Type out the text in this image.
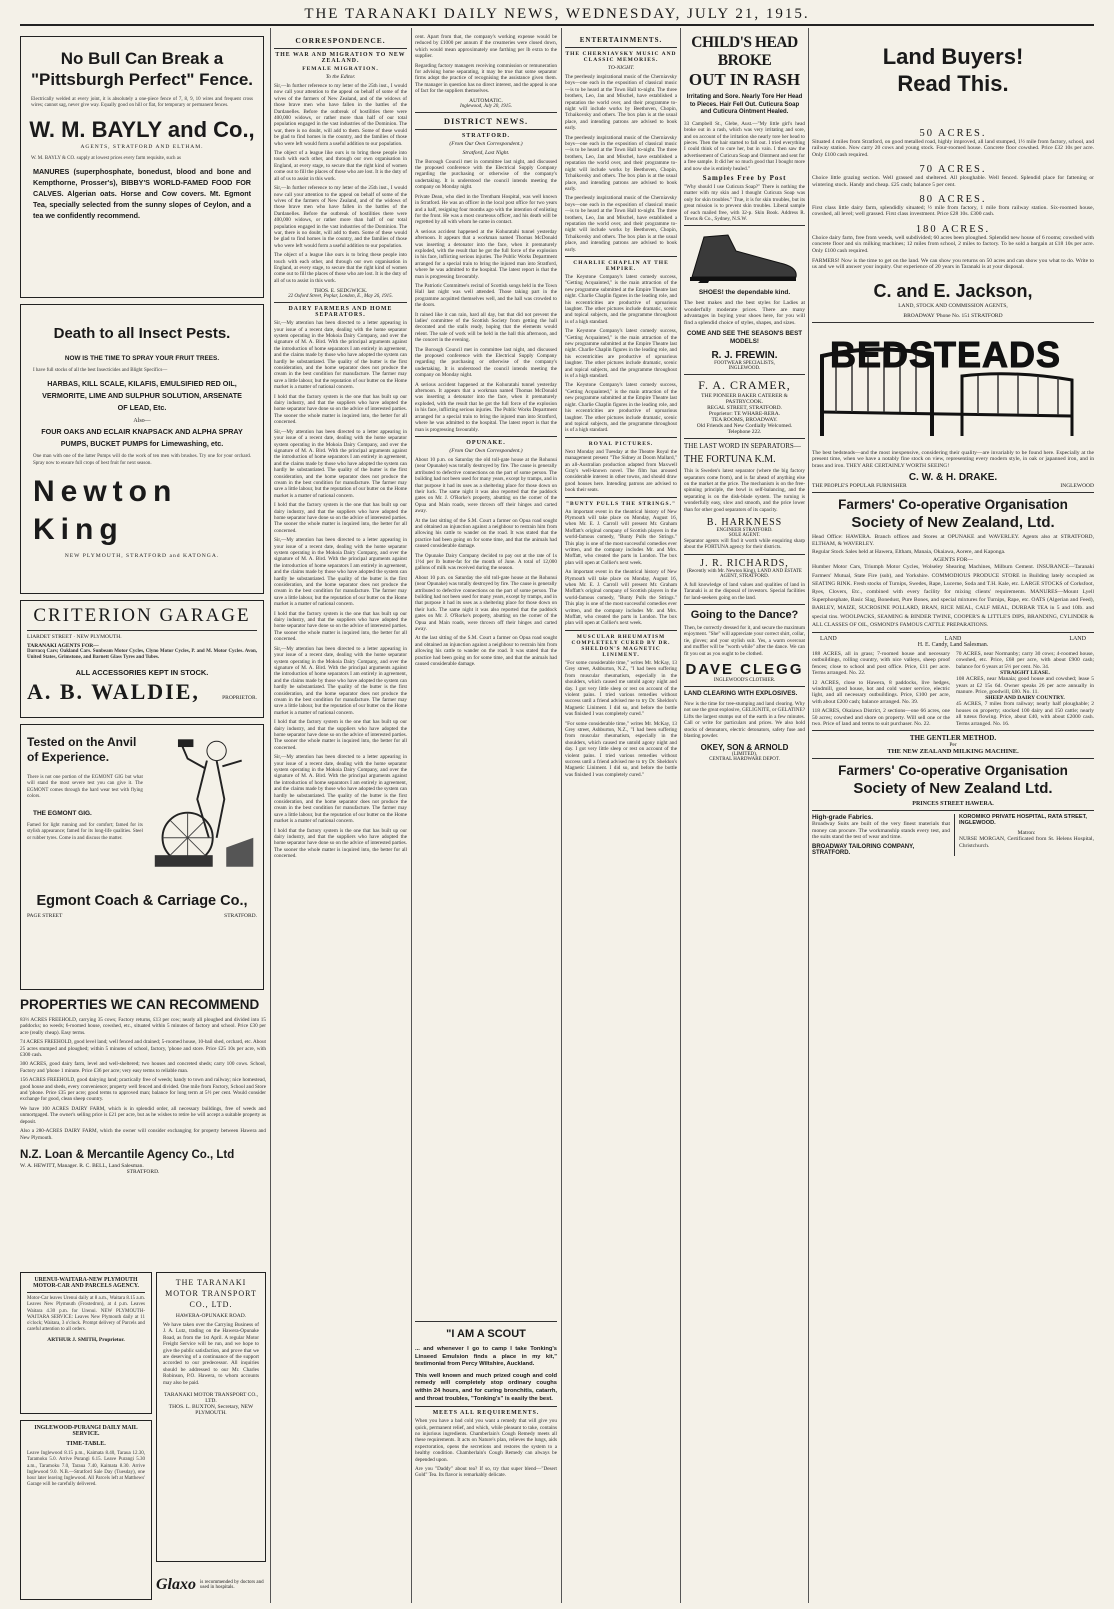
THE TARANAKI DAILY NEWS, WEDNESDAY, JULY 21, 1915.
No Bull Can Break a
"Pittsburgh Perfect" Fence.
Electrically welded at every joint, it is absolutely a one-piece fence of 7, 8, 9, 10 wires and frequent cross wires; cannot sag, never give way. Equally good on hill or flat, for temporary or permanent fences.
W. M. BAYLY and Co.,
AGENTS, STRATFORD AND ELTHAM.
W. M. BAYLY & CO. supply at lowest prices every farm requisite, such as
MANURES (superphosphate, bonedust, blood and bone and Kempthorne, Prosser's), BIBBY'S WORLD-FAMED FOOD FOR CALVES. Algerian oats. Horse and Cow covers. Mt. Egmont Tea, specially selected from the sunny slopes of Ceylon, and a tea we confidently recommend.
Death to all Insect Pests.
NOW IS THE TIME TO SPRAY YOUR FRUIT TREES.
I have full stocks of all the best Insecticides and Blight Specifics—
HARBAS, KILL SCALE, KILAFIS, EMULSIFIED RED OIL, VERMORITE, LIME AND SULPHUR SOLUTION, ARSENATE OF LEAD, Etc.
Also—
FOUR OAKS AND ECLAIR KNAPSACK AND ALPHA SPRAY PUMPS, BUCKET PUMPS for Limewashing, etc.
One man with one of the latter Pumps will do the work of ten men with brushes. Try one for your orchard. Spray now to ensure full crops of best fruit for next season.
Newton King
NEW PLYMOUTH, STRATFORD and KATONGA.
CRITERION GARAGE
LIARDET STREET · NEW PLYMOUTH.
TARANAKI AGENTS FOR—
Darracq Cars; Oakland Cars. Sunbeam Motor Cycles, Clyno Motor Cycles, P. and M. Motor Cycles. Avon, United States, Grimstone, and Barnett Glass Tyres and Tubes.
ALL ACCESSORIES KEPT IN STOCK.
A. B. WALDIE,	PROPRIETOR.
Tested on the Anvil
of Experience.
There is not one portion of the EGMONT GIG but what will stand the most severe test you can give it. The EGMONT comes through the hard wear test with flying colors.
THE EGMONT GIG.
Famed for light running and for comfort; famed for its stylish appearance; famed for its long-life qualities. Steel or rubber tyres. Come in and discuss the matter.
Egmont Coach & Carriage Co.,
PAGE STREET	STRATFORD.
PROPERTIES WE CAN RECOMMEND
83½ ACRES FREEHOLD, carrying 35 cows; Factory returns, £13 per cow; nearly all ploughed and divided into 15 paddocks; no weeds; 6-roomed house, cowshed, etc., situated within 5 minutes of factory and school. Price £30 per acre (really cheap). Easy terms.
74 ACRES FREEHOLD, good level land; well fenced and drained; 5-roomed house, 10-bail shed, orchard, etc. About 25 acres stumped and ploughed; within 5 minutes of school, factory, 'phone and store. Price £25 10s per acre, with £300 cash.
300 ACRES, good dairy farm, level and well-sheltered; two houses and concreted sheds; carry 100 cows. School, Factory and 'phone 1 minute. Price £36 per acre; very easy terms to reliable man.
156 ACRES FREEHOLD, good dairying land; practically free of weeds; handy to town and railway; nice homestead, good house and sheds, every convenience; property well fenced and divided. One mile from Factory, School and Store and 'phone. Price £35 per acre; good terms to approved man; balance for long term at 5½ per cent. Would consider exchange for good, clean sheep country.
We have 100 ACRES DAIRY FARM, which is in splendid order, all necessary buildings, free of weeds and unmortgaged. The owner's selling price is £21 per acre, but as he wishes to retire he will accept a suitable property as deposit.
Also a 280-ACRES DAIRY FARM, which the owner will consider exchanging for property between Hawera and New Plymouth.
N.Z. Loan & Mercantile Agency Co., Ltd
W. A. HEWITT, Manager. R. C. BELL, Land Salesman.
STRATFORD.
URENUI-WAITARA-NEW PLYMOUTH MOTOR-CAR AND PARCELS AGENCY.
Motor-Car leaves Urenui daily at 8 a.m., Waitara 8.15 a.m. Leaves New Plymouth (Frostedron), at 4 p.m. Leaves Waitara 4.30 p.m. for Urenui. NEW PLYMOUTH-WAITARA SERVICE: Leaves New Plymouth daily at 11 o'clock; Waitara, 3 o'clock. Prompt delivery of Parcels and careful attention to all orders.
ARTHUR J. SMITH, Proprietor.
INGLEWOOD-PURANGI DAILY MAIL SERVICE.
TIME-TABLE.
Leave Inglewood 8.15 p.m., Kaimata 8.40, Taraua 12.30, Taramoku 5.0. Arrive Purangi 6.15. Leave Purangi 5.30 a.m., Taramoku 7.0, Taraua 7.40, Kaimata 8.30. Arrive Inglewood 9.0. N.B.—Stratford Sale Day (Tuesday), one hour later leaving Inglewood. All Parcels left at Matthews' Garage will be carefully delivered.
THE TARANAKI MOTOR TRANSPORT CO., LTD.
HAWERA-OPUNAKE ROAD.
We have taken over the Carrying Business of J. A. Lutz, trading on the Hawera-Opunake Road, as from the 1st April. A regular Motor Freight Service will be run, and we hope to give the public satisfaction, and prove that we are deserving of a continuance of the support accorded to our predecessor. All inquiries should be addressed to our Mr. Charles Robinson, P.O. Hawera, to whom accounts may also be paid.
TARANAKI MOTOR TRANSPORT CO., LTD.
THOS. L. BUXTON, Secretary, NEW PLYMOUTH.
Glaxo is recommended by doctors and used in hospitals.
CORRESPONDENCE.
THE WAR AND MIGRATION TO NEW ZEALAND.
FEMALE MIGRATION.
To the Editor.
Sir,—In further reference to my letter of the 25th inst., I would now call your attention to the appeal on behalf of some of the wives of the farmers of New Zealand, and of the widows of those brave men who have fallen in the battles of the Dardanelles. Before the outbreak of hostilities there were 400,000 widows, or rather more than half of our total population engaged in the vast industries of the Dominion. The war, there is no doubt, will add to them. Some of these would be glad to find homes in the country, and the families of those who were left would form a useful addition to our population.
The object of a league like ours is to bring these people into touch with each other, and through our own organisation in England, at every stage, to secure that the right kind of women come out to fill the places of those who are lost. It is the duty of all of us to assist in this work.
Sir,—In further reference to my letter of the 25th inst., I would now call your attention to the appeal on behalf of some of the wives of the farmers of New Zealand, and of the widows of those brave men who have fallen in the battles of the Dardanelles. Before the outbreak of hostilities there were 400,000 widows, or rather more than half of our total population engaged in the vast industries of the Dominion. The war, there is no doubt, will add to them. Some of these would be glad to find homes in the country, and the families of those who were left would form a useful addition to our population.
The object of a league like ours is to bring these people into touch with each other, and through our own organisation in England, at every stage, to secure that the right kind of women come out to fill the places of those who are lost. It is the duty of all of us to assist in this work.
THOS. E. SEDGWICK.
22 Oxford Street, Poplar, London, E., May 26, 1915.
DAIRY FARMERS AND HOME SEPARATORS.
Sir,—My attention has been directed to a letter appearing in your issue of a recent date, dealing with the home separator system operating in the Mokoia Dairy Company, and over the signature of M. A. Bird. With the principal arguments against the introduction of home separators I am entirely in agreement, and the claims made by those who have adopted the system can hardly be substantiated. The quality of the butter is the first consideration, and the home separator does not produce the cream in the best condition for manufacture. The farmer may save a little labour, but the reputation of our butter on the Home market is a matter of national concern.
I hold that the factory system is the one that has built up our dairy industry, and that the suppliers who have adopted the home separator have done so on the advice of interested parties. The sooner the whole matter is inquired into, the better for all concerned.
Sir,—My attention has been directed to a letter appearing in your issue of a recent date, dealing with the home separator system operating in the Mokoia Dairy Company, and over the signature of M. A. Bird. With the principal arguments against the introduction of home separators I am entirely in agreement, and the claims made by those who have adopted the system can hardly be substantiated. The quality of the butter is the first consideration, and the home separator does not produce the cream in the best condition for manufacture. The farmer may save a little labour, but the reputation of our butter on the Home market is a matter of national concern.
I hold that the factory system is the one that has built up our dairy industry, and that the suppliers who have adopted the home separator have done so on the advice of interested parties. The sooner the whole matter is inquired into, the better for all concerned.
Sir,—My attention has been directed to a letter appearing in your issue of a recent date, dealing with the home separator system operating in the Mokoia Dairy Company, and over the signature of M. A. Bird. With the principal arguments against the introduction of home separators I am entirely in agreement, and the claims made by those who have adopted the system can hardly be substantiated. The quality of the butter is the first consideration, and the home separator does not produce the cream in the best condition for manufacture. The farmer may save a little labour, but the reputation of our butter on the Home market is a matter of national concern.
I hold that the factory system is the one that has built up our dairy industry, and that the suppliers who have adopted the home separator have done so on the advice of interested parties. The sooner the whole matter is inquired into, the better for all concerned.
Sir,—My attention has been directed to a letter appearing in your issue of a recent date, dealing with the home separator system operating in the Mokoia Dairy Company, and over the signature of M. A. Bird. With the principal arguments against the introduction of home separators I am entirely in agreement, and the claims made by those who have adopted the system can hardly be substantiated. The quality of the butter is the first consideration, and the home separator does not produce the cream in the best condition for manufacture. The farmer may save a little labour, but the reputation of our butter on the Home market is a matter of national concern.
I hold that the factory system is the one that has built up our dairy industry, and that the suppliers who have adopted the home separator have done so on the advice of interested parties. The sooner the whole matter is inquired into, the better for all concerned.
Sir,—My attention has been directed to a letter appearing in your issue of a recent date, dealing with the home separator system operating in the Mokoia Dairy Company, and over the signature of M. A. Bird. With the principal arguments against the introduction of home separators I am entirely in agreement, and the claims made by those who have adopted the system can hardly be substantiated. The quality of the butter is the first consideration, and the home separator does not produce the cream in the best condition for manufacture. The farmer may save a little labour, but the reputation of our butter on the Home market is a matter of national concern.
I hold that the factory system is the one that has built up our dairy industry, and that the suppliers who have adopted the home separator have done so on the advice of interested parties. The sooner the whole matter is inquired into, the better for all concerned.
cent. Apart from that, the company's working expense would be reduced by £1000 per annum if the creameries were closed down, which would mean approximately one farthing per lb extra to the supplier.
Regarding factory managers receiving commission or remuneration for advising home separating, it may be true that some separator firms adopt the practice of recognising the assistance given them. The manager in question has no direct interest, and the appeal is one of fact for the suppliers themselves.
AUTOMATIC.
Inglewood, July 20, 1915.
DISTRICT NEWS.
STRATFORD.
(From Our Own Correspondent.)
Stratford, Last Night.
The Borough Council met in committee last night, and discussed the proposed conference with the Electrical Supply Company regarding the purchasing or otherwise of the company's undertaking. It is understood the council intends meeting the company on Monday night.
Private Dean, who died in the Trentham Hospital, was well known in Stratford. He was an officer in the local post office for two years and a half, resigning four months ago with the intention of enlisting for the front. He was a most courteous officer, and his death will be regretted by all with whom he came in contact.
A serious accident happened at the Kohuratahi tunnel yesterday afternoon. It appears that a workman named Thomas McDonald was inserting a detonator into the face, when it prematurely exploded, with the result that he got the full force of the explosion in his face, inflicting serious injuries. The Public Works Department arranged for a special train to bring the injured man into Stratford, where he was admitted to the hospital. The latest report is that the man is progressing favourably.
The Patriotic Committee's recital of Scottish songs held in the Town Hall last night was well attended. Those taking part in the programme acquitted themselves well, and the hall was crowded to the doors.
It rained like it can rain, hard all day, but that did not prevent the ladies' committee of the Scottish Society from getting the hall decorated and the stalls ready, hoping that the elements would relent. The sale of work will be held in the hall this afternoon, and the concert in the evening.
The Borough Council met in committee last night, and discussed the proposed conference with the Electrical Supply Company regarding the purchasing or otherwise of the company's undertaking. It is understood the council intends meeting the company on Monday night.
A serious accident happened at the Kohuratahi tunnel yesterday afternoon. It appears that a workman named Thomas McDonald was inserting a detonator into the face, when it prematurely exploded, with the result that he got the full force of the explosion in his face, inflicting serious injuries. The Public Works Department arranged for a special train to bring the injured man into Stratford, where he was admitted to the hospital. The latest report is that the man is progressing favourably.
OPUNAKE.
(From Our Own Correspondent.)
About 10 p.m. on Saturday the old toll-gate house at the Rohunui (near Opunake) was totally destroyed by fire. The cause is generally attributed to defective connections on the part of some person. The building had not been used for many years, except by tramps, and in that purpose it had its uses as a sheltering place for those down on their luck. The same night it was also reported that the paddock gates on Mr. J. O'Rorke's property, abutting on the corner of the Opua and Main roads, were thrown off their hinges and carted away.
At the last sitting of the S.M. Court a farmer on Opua road sought and obtained an injunction against a neighbour to restrain him from allowing his cattle to wander on the road. It was stated that the practice had been going on for some time, and that the animals had caused considerable damage.
The Opunake Dairy Company decided to pay out at the rate of 1s 1½d per lb butter-fat for the month of June. A total of 12,000 gallons of milk was received during the season.
About 10 p.m. on Saturday the old toll-gate house at the Rohunui (near Opunake) was totally destroyed by fire. The cause is generally attributed to defective connections on the part of some person. The building had not been used for many years, except by tramps, and in that purpose it had its uses as a sheltering place for those down on their luck. The same night it was also reported that the paddock gates on Mr. J. O'Rorke's property, abutting on the corner of the Opua and Main roads, were thrown off their hinges and carted away.
At the last sitting of the S.M. Court a farmer on Opua road sought and obtained an injunction against a neighbour to restrain him from allowing his cattle to wander on the road. It was stated that the practice had been going on for some time, and that the animals had caused considerable damage.
"I AM A SCOUT
... and whenever I go to camp I take Tonking's Linseed Emulsion finds a place in my kit," testimonial from Percy Wiltshire, Auckland.
This well known and much prized cough and cold remedy will completely stop ordinary coughs within 24 hours, and for curing bronchitis, catarrh, and throat troubles, "Tonking's" is easily the best.
MEETS ALL REQUIREMENTS.
When you have a bad cold you want a remedy that will give you quick, permanent relief, and which, while pleasant to take, contains no injurious ingredients. Chamberlain's Cough Remedy meets all these requirements. It acts on Nature's plan, relieves the lungs, aids expectoration, opens the secretions and restores the system to a healthy condition. Chamberlain's Cough Remedy can always be depended upon.
Are you "Daddy" about tea? If so, try that super blend—"Desert Gold" Tea. Its flavor is remarkably delicate.
ENTERTAINMENTS.
THE CHERNIAVSKY MUSIC AND CLASSIC MEMORIES.
TO-NIGHT.
The peerlessly inspirational music of the Cherniavsky boys—one each in the exposition of classical music—is to be heard at the Town Hall to-night. The three brothers, Leo, Jan and Mischel, have established a reputation the world over, and their programme to-night will include works by Beethoven, Chopin, Tchaikovsky and others. The box plan is at the usual place, and intending patrons are advised to book early.
The peerlessly inspirational music of the Cherniavsky boys—one each in the exposition of classical music—is to be heard at the Town Hall to-night. The three brothers, Leo, Jan and Mischel, have established a reputation the world over, and their programme to-night will include works by Beethoven, Chopin, Tchaikovsky and others. The box plan is at the usual place, and intending patrons are advised to book early.
The peerlessly inspirational music of the Cherniavsky boys—one each in the exposition of classical music—is to be heard at the Town Hall to-night. The three brothers, Leo, Jan and Mischel, have established a reputation the world over, and their programme to-night will include works by Beethoven, Chopin, Tchaikovsky and others. The box plan is at the usual place, and intending patrons are advised to book early.
CHARLIE CHAPLIN AT THE EMPIRE.
The Keystone Company's latest comedy success, "Getting Acquainted," is the main attraction of the new programme submitted at the Empire Theatre last night. Charlie Chaplin figures in the leading role, and his eccentricities are productive of uproarious laughter. The other pictures include dramatic, scenic and topical subjects, and the programme throughout is of a high standard.
The Keystone Company's latest comedy success, "Getting Acquainted," is the main attraction of the new programme submitted at the Empire Theatre last night. Charlie Chaplin figures in the leading role, and his eccentricities are productive of uproarious laughter. The other pictures include dramatic, scenic and topical subjects, and the programme throughout is of a high standard.
The Keystone Company's latest comedy success, "Getting Acquainted," is the main attraction of the new programme submitted at the Empire Theatre last night. Charlie Chaplin figures in the leading role, and his eccentricities are productive of uproarious laughter. The other pictures include dramatic, scenic and topical subjects, and the programme throughout is of a high standard.
ROYAL PICTURES.
Next Monday and Tuesday at the Theatre Royal the management present "The Sidney at Doom Mallard," an all-Australian production adapted from Maxwell Gray's well-known novel. The film has aroused considerable interest in other towns, and should draw good houses here. Intending patrons are advised to book their seats.
"BUNTY PULLS THE STRINGS."
An important event in the theatrical history of New Plymouth will take place on Monday, August 16, when Mr. E. J. Carroll will present Mr. Graham Moffatt's original company of Scottish players in the world-famous comedy, "Bunty Pulls the Strings." This play is one of the most successful comedies ever written, and the company includes Mr. and Mrs. Moffatt, who created the parts in London. The box plan will open at Collier's next week.
An important event in the theatrical history of New Plymouth will take place on Monday, August 16, when Mr. E. J. Carroll will present Mr. Graham Moffatt's original company of Scottish players in the world-famous comedy, "Bunty Pulls the Strings." This play is one of the most successful comedies ever written, and the company includes Mr. and Mrs. Moffatt, who created the parts in London. The box plan will open at Collier's next week.
MUSCULAR RHEUMATISM COMPLETELY CURED BY DR. SHELDON'S MAGNETIC LINIMENT.
"For some considerable time," writes Mr. McKay, 13 Grey street, Ashburton, N.Z., "I had been suffering from muscular rheumatism, especially in the shoulders, which caused me untold agony night and day. I got very little sleep or rest on account of the violent pains. I tried various remedies without success until a friend advised me to try Dr. Sheldon's Magnetic Liniment. I did so, and before the bottle was finished I was completely cured."
"For some considerable time," writes Mr. McKay, 13 Grey street, Ashburton, N.Z., "I had been suffering from muscular rheumatism, especially in the shoulders, which caused me untold agony night and day. I got very little sleep or rest on account of the violent pains. I tried various remedies without success until a friend advised me to try Dr. Sheldon's Magnetic Liniment. I did so, and before the bottle was finished I was completely cured."
CHILD'S HEAD BROKE
OUT IN RASH
Irritating and Sore. Nearly Tore Her Head to Pieces. Hair Fell Out. Cuticura Soap and Cuticura Ointment Healed.
33 Campbell St., Glebe, Aust.—"My little girl's head broke out in a rash, which was very irritating and sore, and on account of the irritation she nearly tore her head to pieces. Then the hair started to fall out. I tried everything I could think of to cure her, but in vain. I then saw the advertisement of Cuticura Soap and Ointment and sent for a free sample. It did her so much good that I bought more and now she is entirely healed."
Samples Free by Post
"Why should I use Cuticura Soap?" There is nothing the matter with my skin and I thought Cuticura Soap was only for skin troubles." True, it is for skin troubles, but its great mission is to prevent skin troubles. Liberal sample of each mailed free, with 32-p. Skin Book. Address R. Towns & Co., Sydney, N.S.W.
SHOES! the dependable kind.
The best makes and the best styles for Ladies at wonderfully moderate prices. There are many advantages in buying your shoes here, for you will find a splendid choice of styles, shapes, and sizes.
COME AND SEE THE SEASON'S BEST MODELS!
R. J. FREWIN.
FOOTWEAR SPECIALISTS,
INGLEWOOD.
F. A. CRAMER,
THE PIONEER BAKER CATERER & PASTRYCOOK.
REGAL STREET, STRATFORD.
Proprietor: TE WHARE-RERA.
TEA ROOMS, BROADWAY.
Old Friends and New Cordially Welcomed.
Telephone 222.
THE LAST WORD IN SEPARATORS—
THE FORTUNA K.M.
This is Sweden's latest separator (where the big factory separators come from), and is far ahead of anything else on the market at the price. The mechanism is on the free-spinning principle, the bowl is self-balancing, and the separating is on the disk-blade system. The turning is wonderfully easy, slow and smooth, and the price lower than for other good separators of its capacity.
B. HARKNESS
ENGINEER STRATFORD.
SOLE AGENT.
Separator agents will find it worth while enquiring sharp about the FORTUNA agency for their districts.
J. R. RICHARDS,
(Recently with Mr. Newton King), LAND AND ESTATE AGENT, STRATFORD.
A full knowledge of land values and qualities of land in Taranaki is at the disposal of investors. Special facilities for land-seekers going on the land.
Going to the Dance?
Then, be correctly dressed for it, and secure the maximum enjoyment. "She" will appreciate your correct shirt, collar, tie, gloves; and your stylish suit. Yes, a warm overcoat and muffler will be "worth while" after the dance. We can fit you out as you ought to be clothed.
DAVE CLEGG
INGLEWOOD'S CLOTHIER.
LAND CLEARING WITH EXPLOSIVES.
Now is the time for tree-stumping and land clearing. Why not use the great explosive, GELIGNITE, or GELATINE? Lifts the largest stumps out of the earth in a few minutes. Call or write for particulars and prices. We also hold stocks of detonators, electric detonators, safety fuse and blasting powder.
OKEY, SON & ARNOLD
(LIMITED),
CENTRAL HARDWARE DEPOT.
Land Buyers!
Read This.
50 ACRES.
Situated 4 miles from Stratford, on good metalled road, highly improved, all land stumped, 1½ mile from factory, school, and railway station. Now carry 20 cows and young stock. Four-roomed house. Concrete floor cowshed. Price £32 10s per acre. Only £100 cash required.
70 ACRES.
Choice little grazing section. Well grassed and sheltered. All ploughable. Well fenced. Splendid place for fattening or wintering stock. Handy and cheap. £25 cash; balance 5 per cent.
80 ACRES.
First class little dairy farm, splendidly situated; ½ mile from factory, 1 mile from railway station. Six-roomed house, cowshed, all level; well grassed. First class investment. Price £28 10s. £300 cash.
180 ACRES.
Choice dairy farm, free from weeds, well subdivided; 60 acres been ploughed. Splendid new house of 6 rooms; cowshed with concrete floor and six milking machines; 12 miles from school, 2 miles to factory. To be sold a bargain at £18 10s per acre. Only £100 cash required.
FARMERS! Now is the time to get on the land. We can show you returns on 50 acres and can show you what to do. Write to us and we will answer your inquiry. Our experience of 20 years in Taranaki is at your disposal.
C. and E. Jackson,
LAND, STOCK AND COMMISSION AGENTS,
BROADWAY 'Phone No. 151 STRATFORD
BEDSTEADS
The best bedsteads—and the most inexpensive, considering their quality—are invariably to be found here. Especially at the present time, when we have a notably fine stock on view, representing every modern style, in oak or japanned iron, and in brass and iron. THEY ARE CERTAINLY WORTH SEEING!
C. W. & H. DRAKE.
THE PEOPLE'S POPULAR FURNISHER	INGLEWOOD
Farmers' Co-operative Organisation
Society of New Zealand, Ltd.
Head Office: HAWERA. Branch offices and Stores at OPUNAKE and WAVERLEY. Agents also at STRATFORD, ELTHAM, & WAVERLEY.
Regular Stock Sales held at Hawera, Eltham, Manaia, Okaiawa, Aorere, and Kaponga.
AGENTS FOR—
Humber Motor Cars, Triumph Motor Cycles, Wolseley Shearing Machines, Milburn Cement. INSURANCE—Taranaki Farmers' Mutual, State Fire (sub), and Yorkshire. COMMODIOUS PRODUCE STORE in Building lately occupied as SEATING RINK. Fresh stocks of Turnips, Swedes, Rape, Lucerne, Soda and T.H. Kale, etc. LARGE STOCKS of Corksfoot, Ryes, Clovers, Etc., combined with every facility for mixing clients' requirements. MANURES—Mount Lyell Superphosphate, Basic Slag, Bonedust, Pure Bones, and special mixtures for Turnips, Rape, etc. OATS (Algerian and Feed), BARLEY, MAIZE, SUCROSINE POLLARD, BRAN, RICE MEAL, CALF MEAL, DURBAR TEA in 5 and 10lb. and special tins. WOOLPACKS, SEAMING & BINDER TWINE, COOPER'S & LITTLE'S DIPS, BRANDING, CYLINDER & ALL CLASSES OF OIL, OSMOND'S FAMOUS CATTLE PREPARATIONS.
LAND	LAND	LAND
H. E. Candy, Land Salesman.
188 ACRES, all in grass; 7-roomed house and necessary outbuildings, rolling country, with nice valleys, sheep proof fences; close to school and post office. Price, £11 per acre. Terms arranged. No. 22.
12 ACRES, close to Hawera, 8 paddocks, live hedges, windmill, good house, hot and cold water service, electric light, and all necessary outbuildings. Price, £100 per acre, with about £200 cash; balance arranged. No. 39.
118 ACRES, Okaiawa District, 2 sections—one 66 acres, one 50 acres; cowshed and shore on property. Will sell one or the two. Price of land and terms to suit purchaser. No. 22.
70 ACRES, near Normanby; carry 30 cows; 4-roomed house, cowshed, etc. Price, £68 per acre, with about £900 cash; balance for 6 years at 5½ per cent. No. 34.
STRAIGHT LEASE.
108 ACRES, near Manaia; good house and cowshed; lease 5 years at £2 15s 6d. Owner speaks 26 per acre annually in manure. Price, goodwill, £80. No. 11.
SHEEP AND DAIRY COUNTRY.
45 ACRES, 7 miles from railway; nearly half ploughable; 2 houses on property; stocked 100 dairy and 150 cattle; nearly all tuteus flowing. Price, about £40, with about £2000 cash. Terms arranged. No. 16.
THE GENTLER METHOD.
Per
THE NEW ZEALAND MILKING MACHINE.
Farmers' Co-operative Organisation
Society of New Zealand Ltd.
PRINCES STREET HAWERA.
High-grade Fabrics.
Broadway Suits are built of the very finest materials that money can procure. The workmanship stands every test, and the suits stand the test of wear and time.
BROADWAY TAILORING COMPANY, STRATFORD.
KOROMIKO PRIVATE HOSPITAL, RATA STREET, INGLEWOOD.
Matron:
NURSE MORGAN, Certificated from St. Helens Hospital, Christchurch.
